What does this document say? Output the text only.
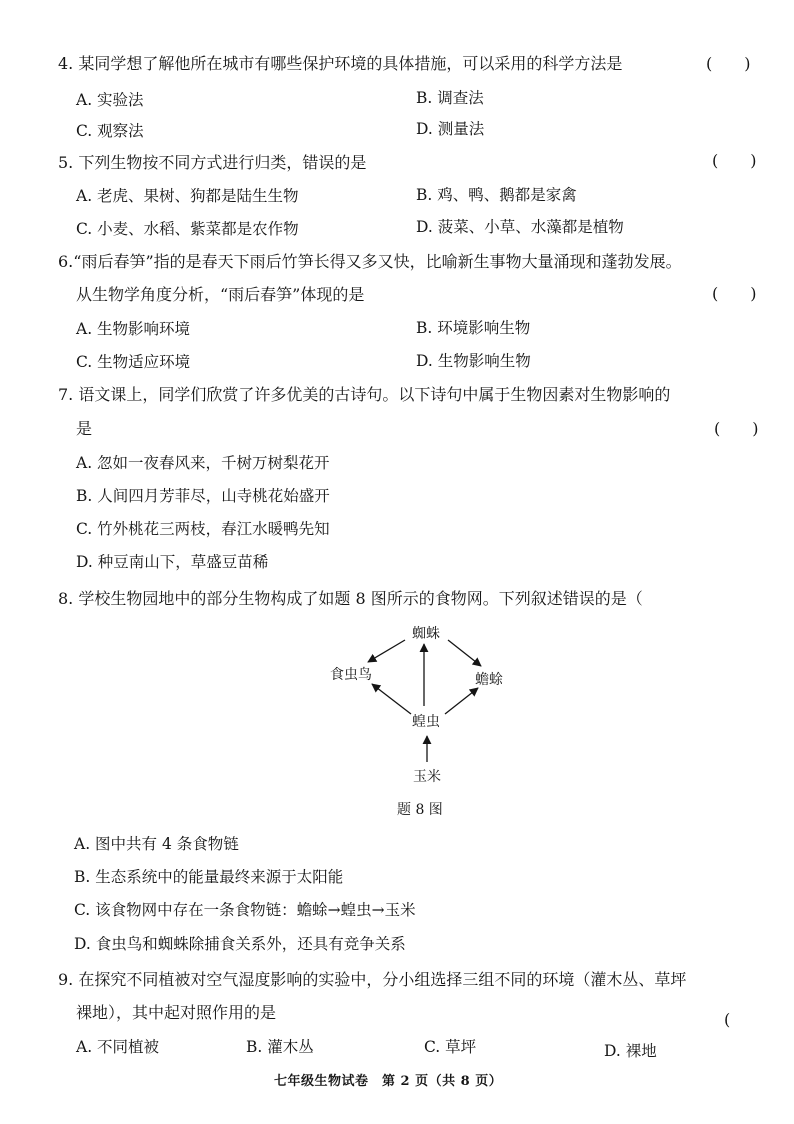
4. 某同学想了解他所在城市有哪些保护环境的具体措施，可以采用的科学方法是	(  )
A. 实验法	B. 调查法
C. 观察法	D. 测量法
5. 下列生物按不同方式进行归类，错误的是	(  )
A. 老虎、果树、狗都是陆生生物	B. 鸡、鸭、鹅都是家禽
C. 小麦、水稻、紫菜都是农作物	D. 菠菜、小草、水藻都是植物
6.“雨后春笋”指的是春天下雨后竹笋长得又多又快，比喻新生事物大量涌现和蓬勃发展。
从生物学角度分析，“雨后春笋”体现的是	(  )
A. 生物影响环境	B. 环境影响生物
C. 生物适应环境	D. 生物影响生物
7. 语文课上，同学们欣赏了许多优美的古诗句。以下诗句中属于生物因素对生物影响的
是	(  )
A. 忽如一夜春风来，千树万树梨花开
B. 人间四月芳菲尽，山寺桃花始盛开
C. 竹外桃花三两枝，春江水暖鸭先知
D. 种豆南山下，草盛豆苗稀
8. 学校生物园地中的部分生物构成了如题 8 图所示的食物网。下列叙述错误的是（
蜘蛛
食虫鸟	蟾蜍
蝗虫
玉米
题 8 图
A. 图中共有 4 条食物链
B. 生态系统中的能量最终来源于太阳能
C. 该食物网中存在一条食物链：蟾蜍→蝗虫→玉米
D. 食虫鸟和蜘蛛除捕食关系外，还具有竞争关系
9. 在探究不同植被对空气湿度影响的实验中，分小组选择三组不同的环境（灌木丛、草坪
裸地），其中起对照作用的是	(
A. 不同植被	B. 灌木丛	C. 草坪	D. 裸地
七年级生物试卷 第 2 页（共 8 页）
